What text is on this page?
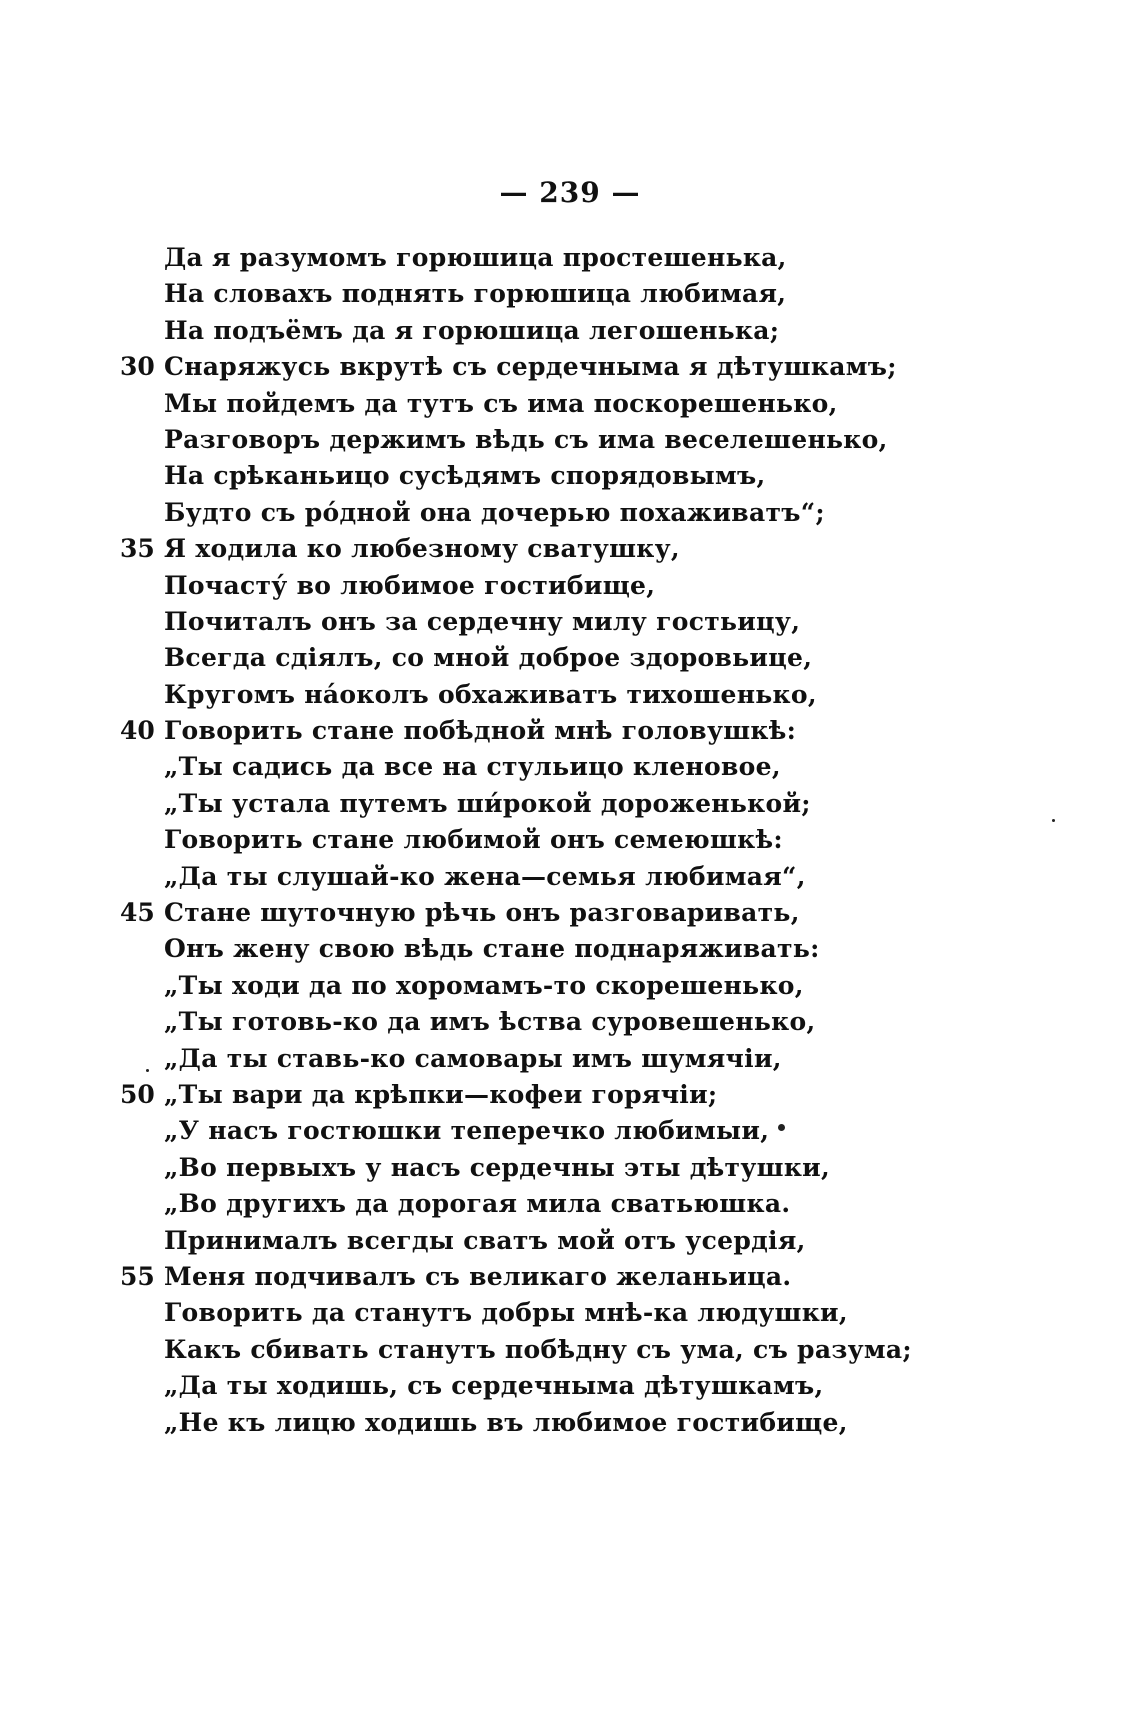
— 239 —
Да я разумомъ горюшица простешенька,
На словахъ поднять горюшица любимая,
На подъёмъ да я горюшица легошенька;
30 Снаряжусь вкрутѣ съ сердечныма я дѣтушкамъ;
Мы пойдемъ да тутъ съ има поскорешенько,
Разговоръ держимъ вѣдь съ има веселешенько,
На срѣканьицо сусѣдямъ спорядовымъ,
Будто съ ро́дной она дочерью похаживатъ“;
35 Я ходила ко любезному сватушку,
Почасту́ во любимое гостибище,
Почиталъ онъ за сердечну милу гостьицу,
Всегда сдiялъ, со мной доброе здоровьице,
Кругомъ на́околъ обхаживатъ тихошенько,
40 Говорить стане побѣдной мнѣ головушкѣ:
„Ты садись да все на стульицо кленовое,
„Ты устала путемъ ши́рокой дороженькой;
Говорить стане любимой онъ семеюшкѣ:
„Да ты слушай-ко жена—семья любимая“,
45 Стане шуточную рѣчь онъ разговаривать,
Онъ жену свою вѣдь стане поднаряживать:
„Ты ходи да по хоромамъ-то скорешенько,
„Ты готовь-ко да имъ ѣства суровешенько,
„Да ты ставь-ко самовары имъ шумячiи,
50 „Ты вари да крѣпки—кофеи горячiи;
„У насъ гостюшки теперечко любимыи,
„Во первыхъ у насъ сердечны эты дѣтушки,
„Во другихъ да дорогая мила сватьюшка.
Принималъ всегды сватъ мой отъ усердiя,
55 Меня подчивалъ съ великаго желаньица.
Говорить да станутъ добры мнѣ-ка людушки,
Какъ сбивать станутъ побѣдну съ ума, съ разума;
„Да ты ходишь, съ сердечныма дѣтушкамъ,
„Не къ лицю ходишь въ любимое гостибище,
